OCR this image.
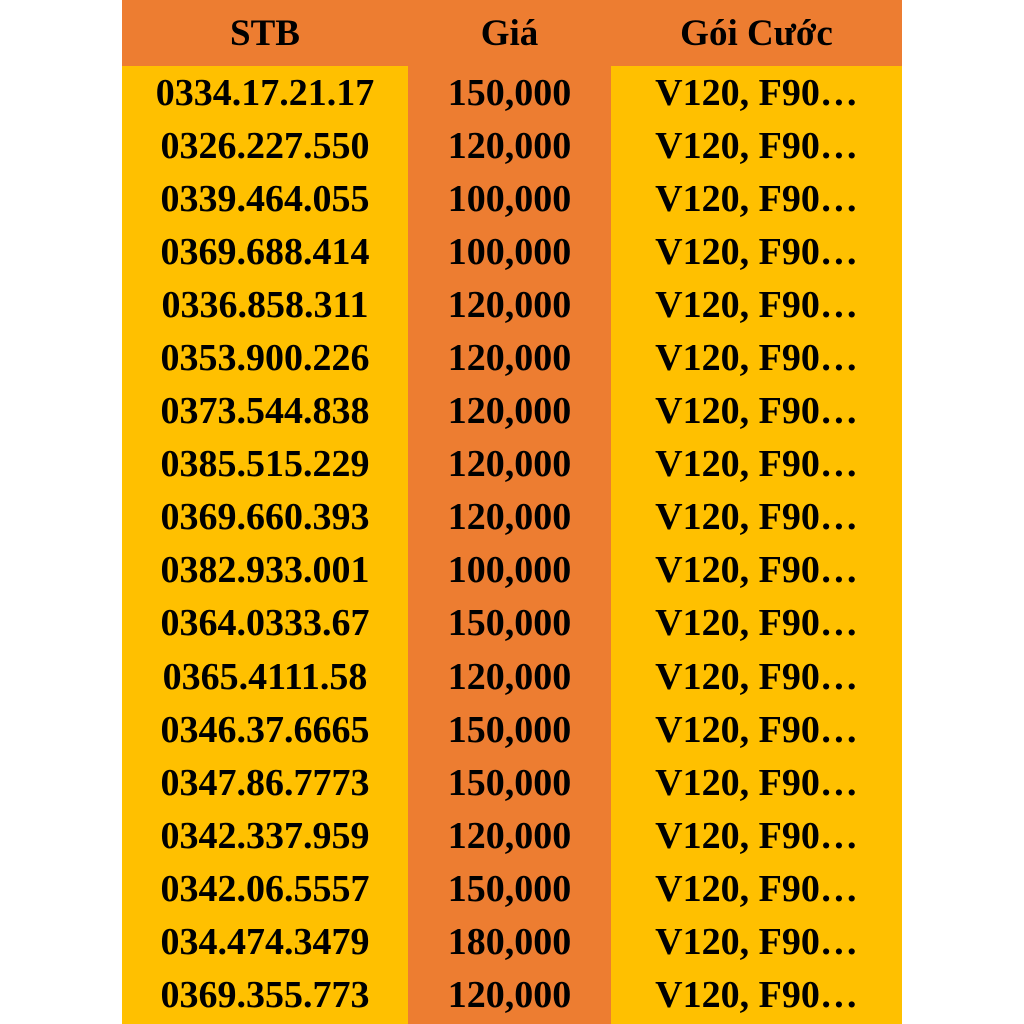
STB	Giá	Gói Cước
0334.17.21.17	150,000	V120, F90…
0326.227.550	120,000	V120, F90…
0339.464.055	100,000	V120, F90…
0369.688.414	100,000	V120, F90…
0336.858.311	120,000	V120, F90…
0353.900.226	120,000	V120, F90…
0373.544.838	120,000	V120, F90…
0385.515.229	120,000	V120, F90…
0369.660.393	120,000	V120, F90…
0382.933.001	100,000	V120, F90…
0364.0333.67	150,000	V120, F90…
0365.4111.58	120,000	V120, F90…
0346.37.6665	150,000	V120, F90…
0347.86.7773	150,000	V120, F90…
0342.337.959	120,000	V120, F90…
0342.06.5557	150,000	V120, F90…
034.474.3479	180,000	V120, F90…
0369.355.773	120,000	V120, F90…
